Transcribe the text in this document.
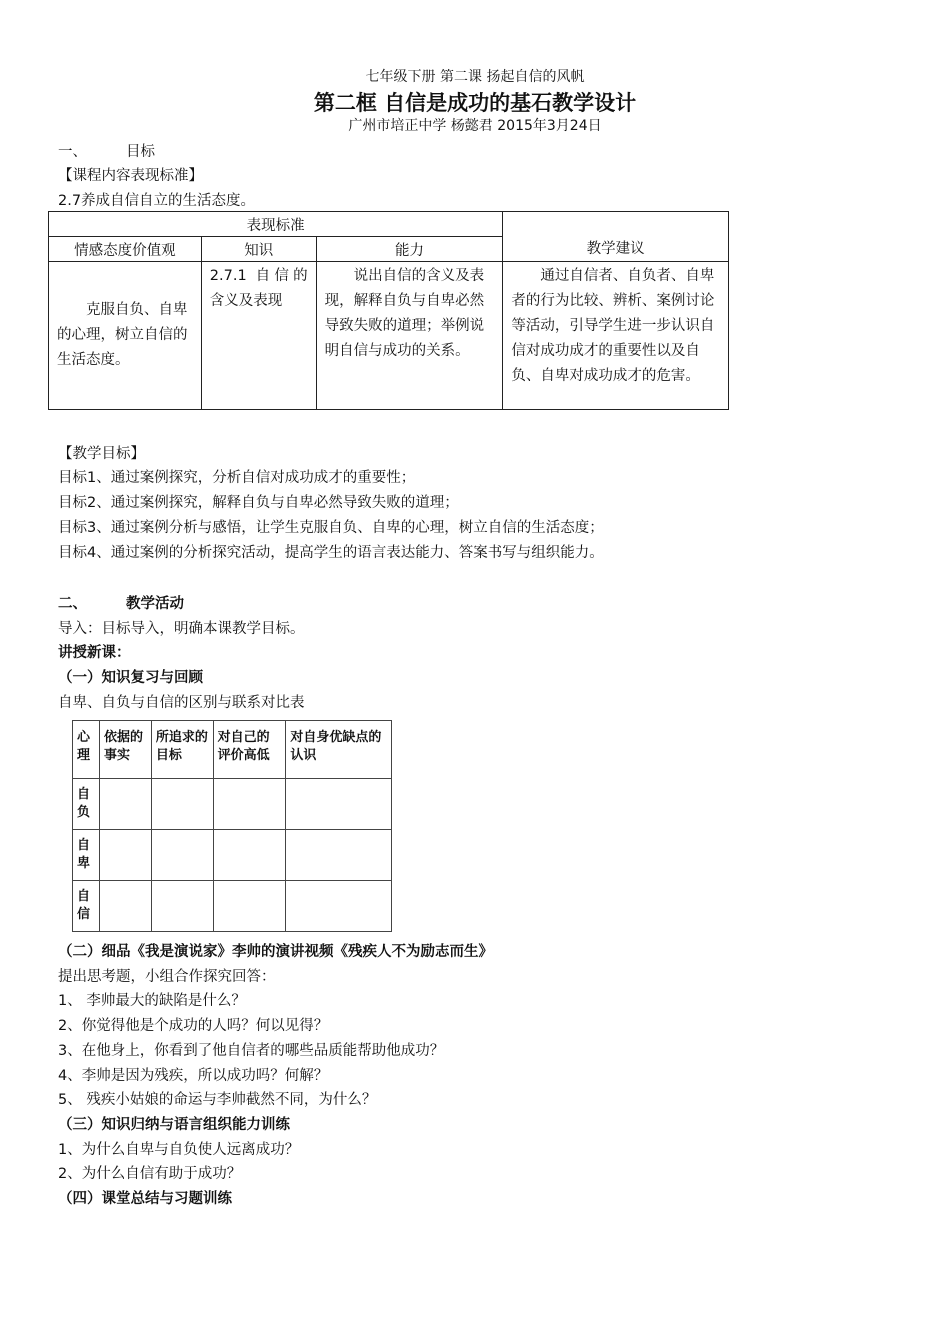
七年级下册 第二课 扬起自信的风帆
第二框 自信是成功的基石教学设计
广州市培正中学 杨懿君 2015年3月24日
一、	目标
【课程内容表现标准】
2.7养成自信自立的生活态度。
表现标准			教学建议
情感态度价值观	知识	能力	

克服自负、自卑的心理，树立自信的生活态度。	2.7.1 自信的含义及表现	说出自信的含义及表现，解释自负与自卑必然导致失败的道理；举例说明自信与成功的关系。	通过自信者、自负者、自卑者的行为比较、辨析、案例讨论等活动，引导学生进一步认识自信对成功成才的重要性以及自负、自卑对成功成才的危害。
【教学目标】
目标1、通过案例探究，分析自信对成功成才的重要性；
目标2、通过案例探究，解释自负与自卑必然导致失败的道理；
目标3、通过案例分析与感悟，让学生克服自负、自卑的心理，树立自信的生活态度；
目标4、通过案例的分析探究活动，提高学生的语言表达能力、答案书写与组织能力。
二、	教学活动
导入：目标导入，明确本课教学目标。
讲授新课：
（一）知识复习与回顾
自卑、自负与自信的区别与联系对比表
心理	依据的事实	所追求的目标	对自己的评价高低	对自身优缺点的认识
自负				
自卑				
自信				
（二）细品《我是演说家》李帅的演讲视频《残疾人不为励志而生》
提出思考题，小组合作探究回答：
1、 李帅最大的缺陷是什么？
2、你觉得他是个成功的人吗？何以见得？
3、在他身上，你看到了他自信者的哪些品质能帮助他成功？
4、李帅是因为残疾，所以成功吗？何解？
5、 残疾小姑娘的命运与李帅截然不同，为什么？
（三）知识归纳与语言组织能力训练
1、为什么自卑与自负使人远离成功？
2、为什么自信有助于成功？
（四）课堂总结与习题训练
